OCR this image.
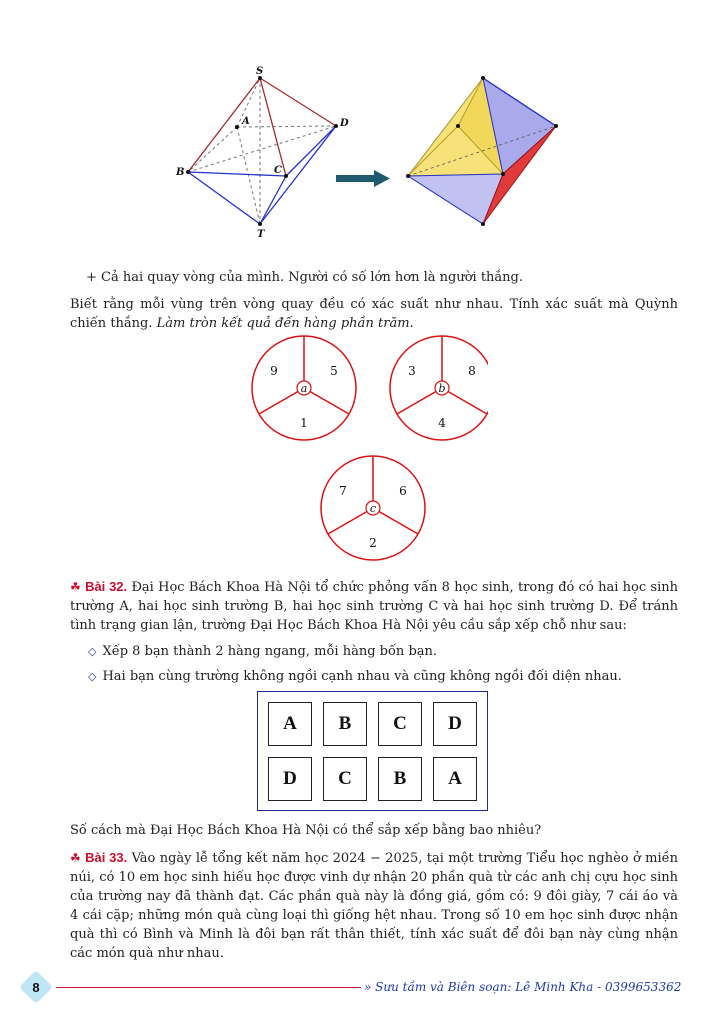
S
A	D
B	C
T

+ Cả hai quay vòng của mình. Người có số lớn hơn là người thắng.

Biết rằng mỗi vùng trên vòng quay đều có xác suất như nhau. Tính xác suất mà Quỳnh chiến thắng. Làm tròn kết quả đến hàng phần trăm.

a
9	5
1
b
3	8
4
c
7	6
2

☘ Bài 32. Đại Học Bách Khoa Hà Nội tổ chức phỏng vấn 8 học sinh, trong đó có hai học sinh trường A, hai học sinh trường B, hai học sinh trường C và hai học sinh trường D. Để tránh tình trạng gian lận, trường Đại Học Bách Khoa Hà Nội yêu cầu sắp xếp chỗ như sau:

◇ Xếp 8 bạn thành 2 hàng ngang, mỗi hàng bốn bạn.
◇ Hai bạn cùng trường không ngồi cạnh nhau và cũng không ngồi đối diện nhau.
A	B	C	D
D	C	B	A

Số cách mà Đại Học Bách Khoa Hà Nội có thể sắp xếp bằng bao nhiêu?

☘ Bài 33. Vào ngày lễ tổng kết năm học 2024 − 2025, tại một trường Tiểu học nghèo ở miền núi, có 10 em học sinh hiếu học được vinh dự nhận 20 phần quà từ các anh chị cựu học sinh của trường nay đã thành đạt. Các phần quà này là đồng giá, gồm có: 9 đôi giày, 7 cái áo và 4 cái cặp; những món quà cùng loại thì giống hệt nhau. Trong số 10 em học sinh được nhận quà thì có Bình và Minh là đôi bạn rất thân thiết, tính xác suất để đôi bạn này cùng nhận các món quà như nhau.

8	» Sưu tầm và Biên soạn: Lê Minh Kha - 0399653362
